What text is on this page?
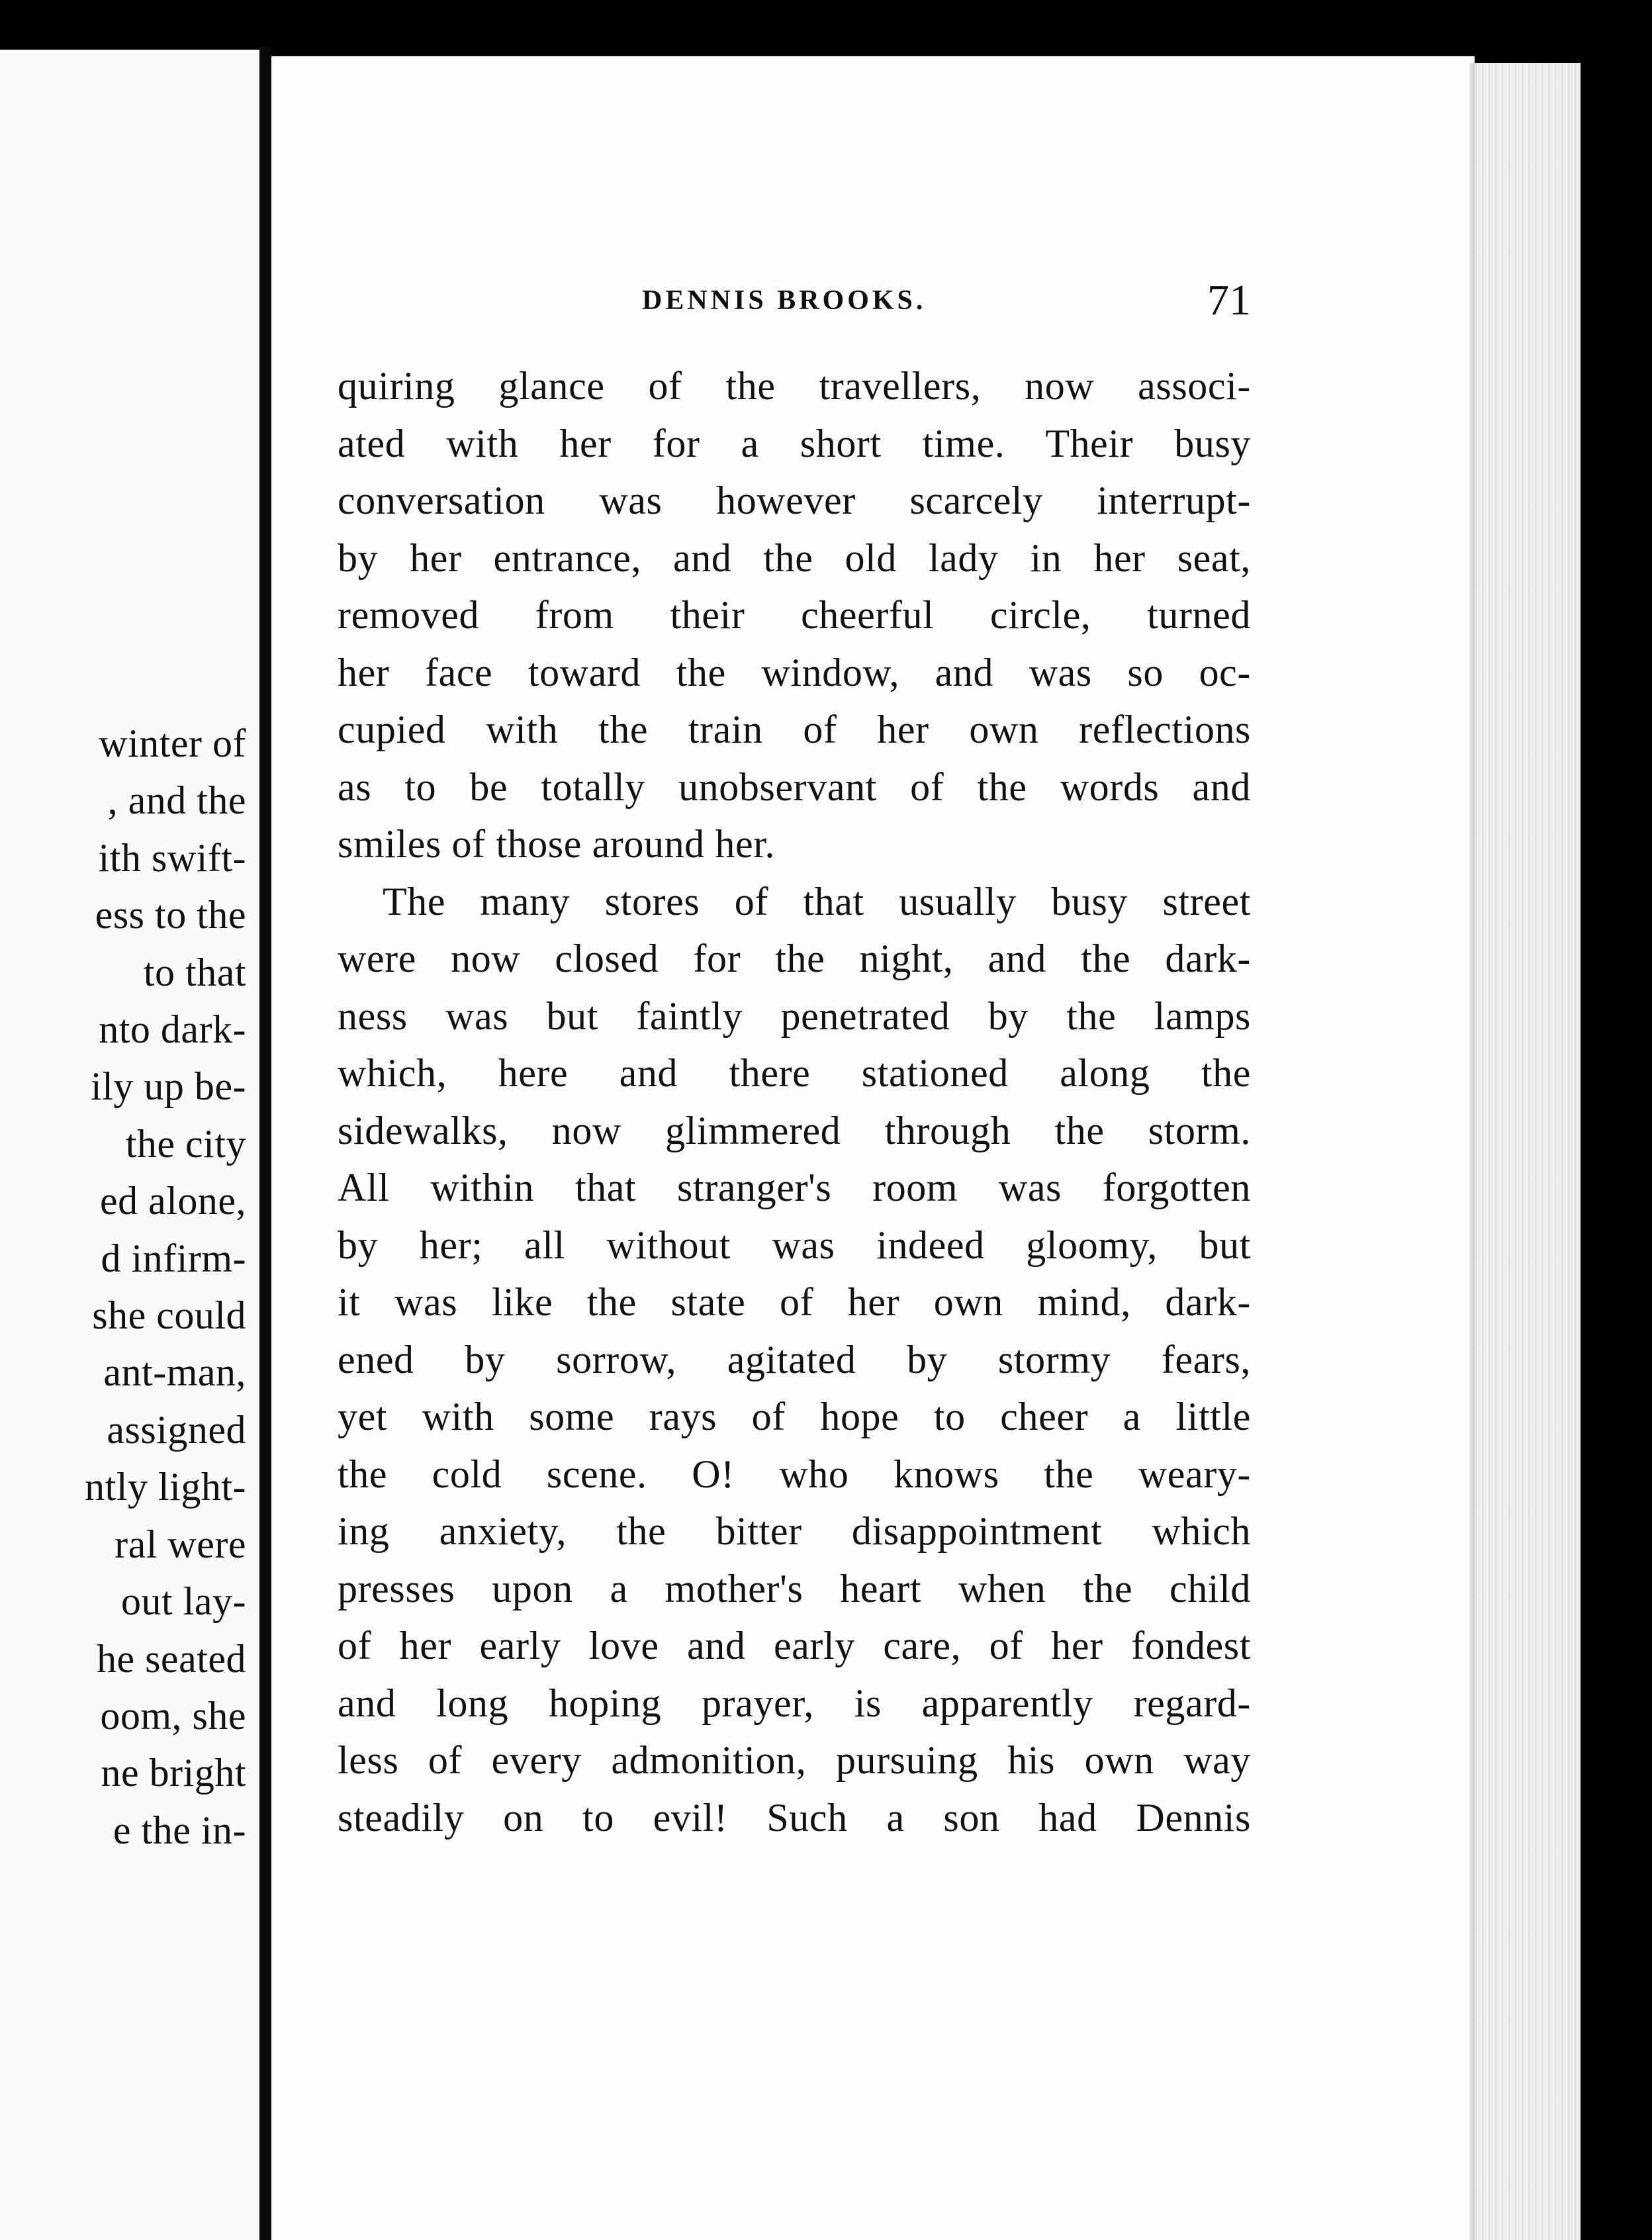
winter of
, and the
ith swift-
ess to the
to that
nto dark-
ily up be-
the city
ed alone,
d infirm-
she could
ant-man,
assigned
ntly light-
ral were
out lay-
he seated
oom, she
ne bright
e the in-
DENNIS BROOKS.	71
quiring glance of the travellers, now associ-
ated with her for a short time. Their busy
conversation was however scarcely interrupt-
by her entrance, and the old lady in her seat,
removed from their cheerful circle, turned
her face toward the window, and was so oc-
cupied with the train of her own reflections
as to be totally unobservant of the words and
smiles of those around her.
The many stores of that usually busy street
were now closed for the night, and the dark-
ness was but faintly penetrated by the lamps
which, here and there stationed along the
sidewalks, now glimmered through the storm.
All within that stranger's room was forgotten
by her; all without was indeed gloomy, but
it was like the state of her own mind, dark-
ened by sorrow, agitated by stormy fears,
yet with some rays of hope to cheer a little
the cold scene. O! who knows the weary-
ing anxiety, the bitter disappointment which
presses upon a mother's heart when the child
of her early love and early care, of her fondest
and long hoping prayer, is apparently regard-
less of every admonition, pursuing his own way
steadily on to evil! Such a son had Dennis
